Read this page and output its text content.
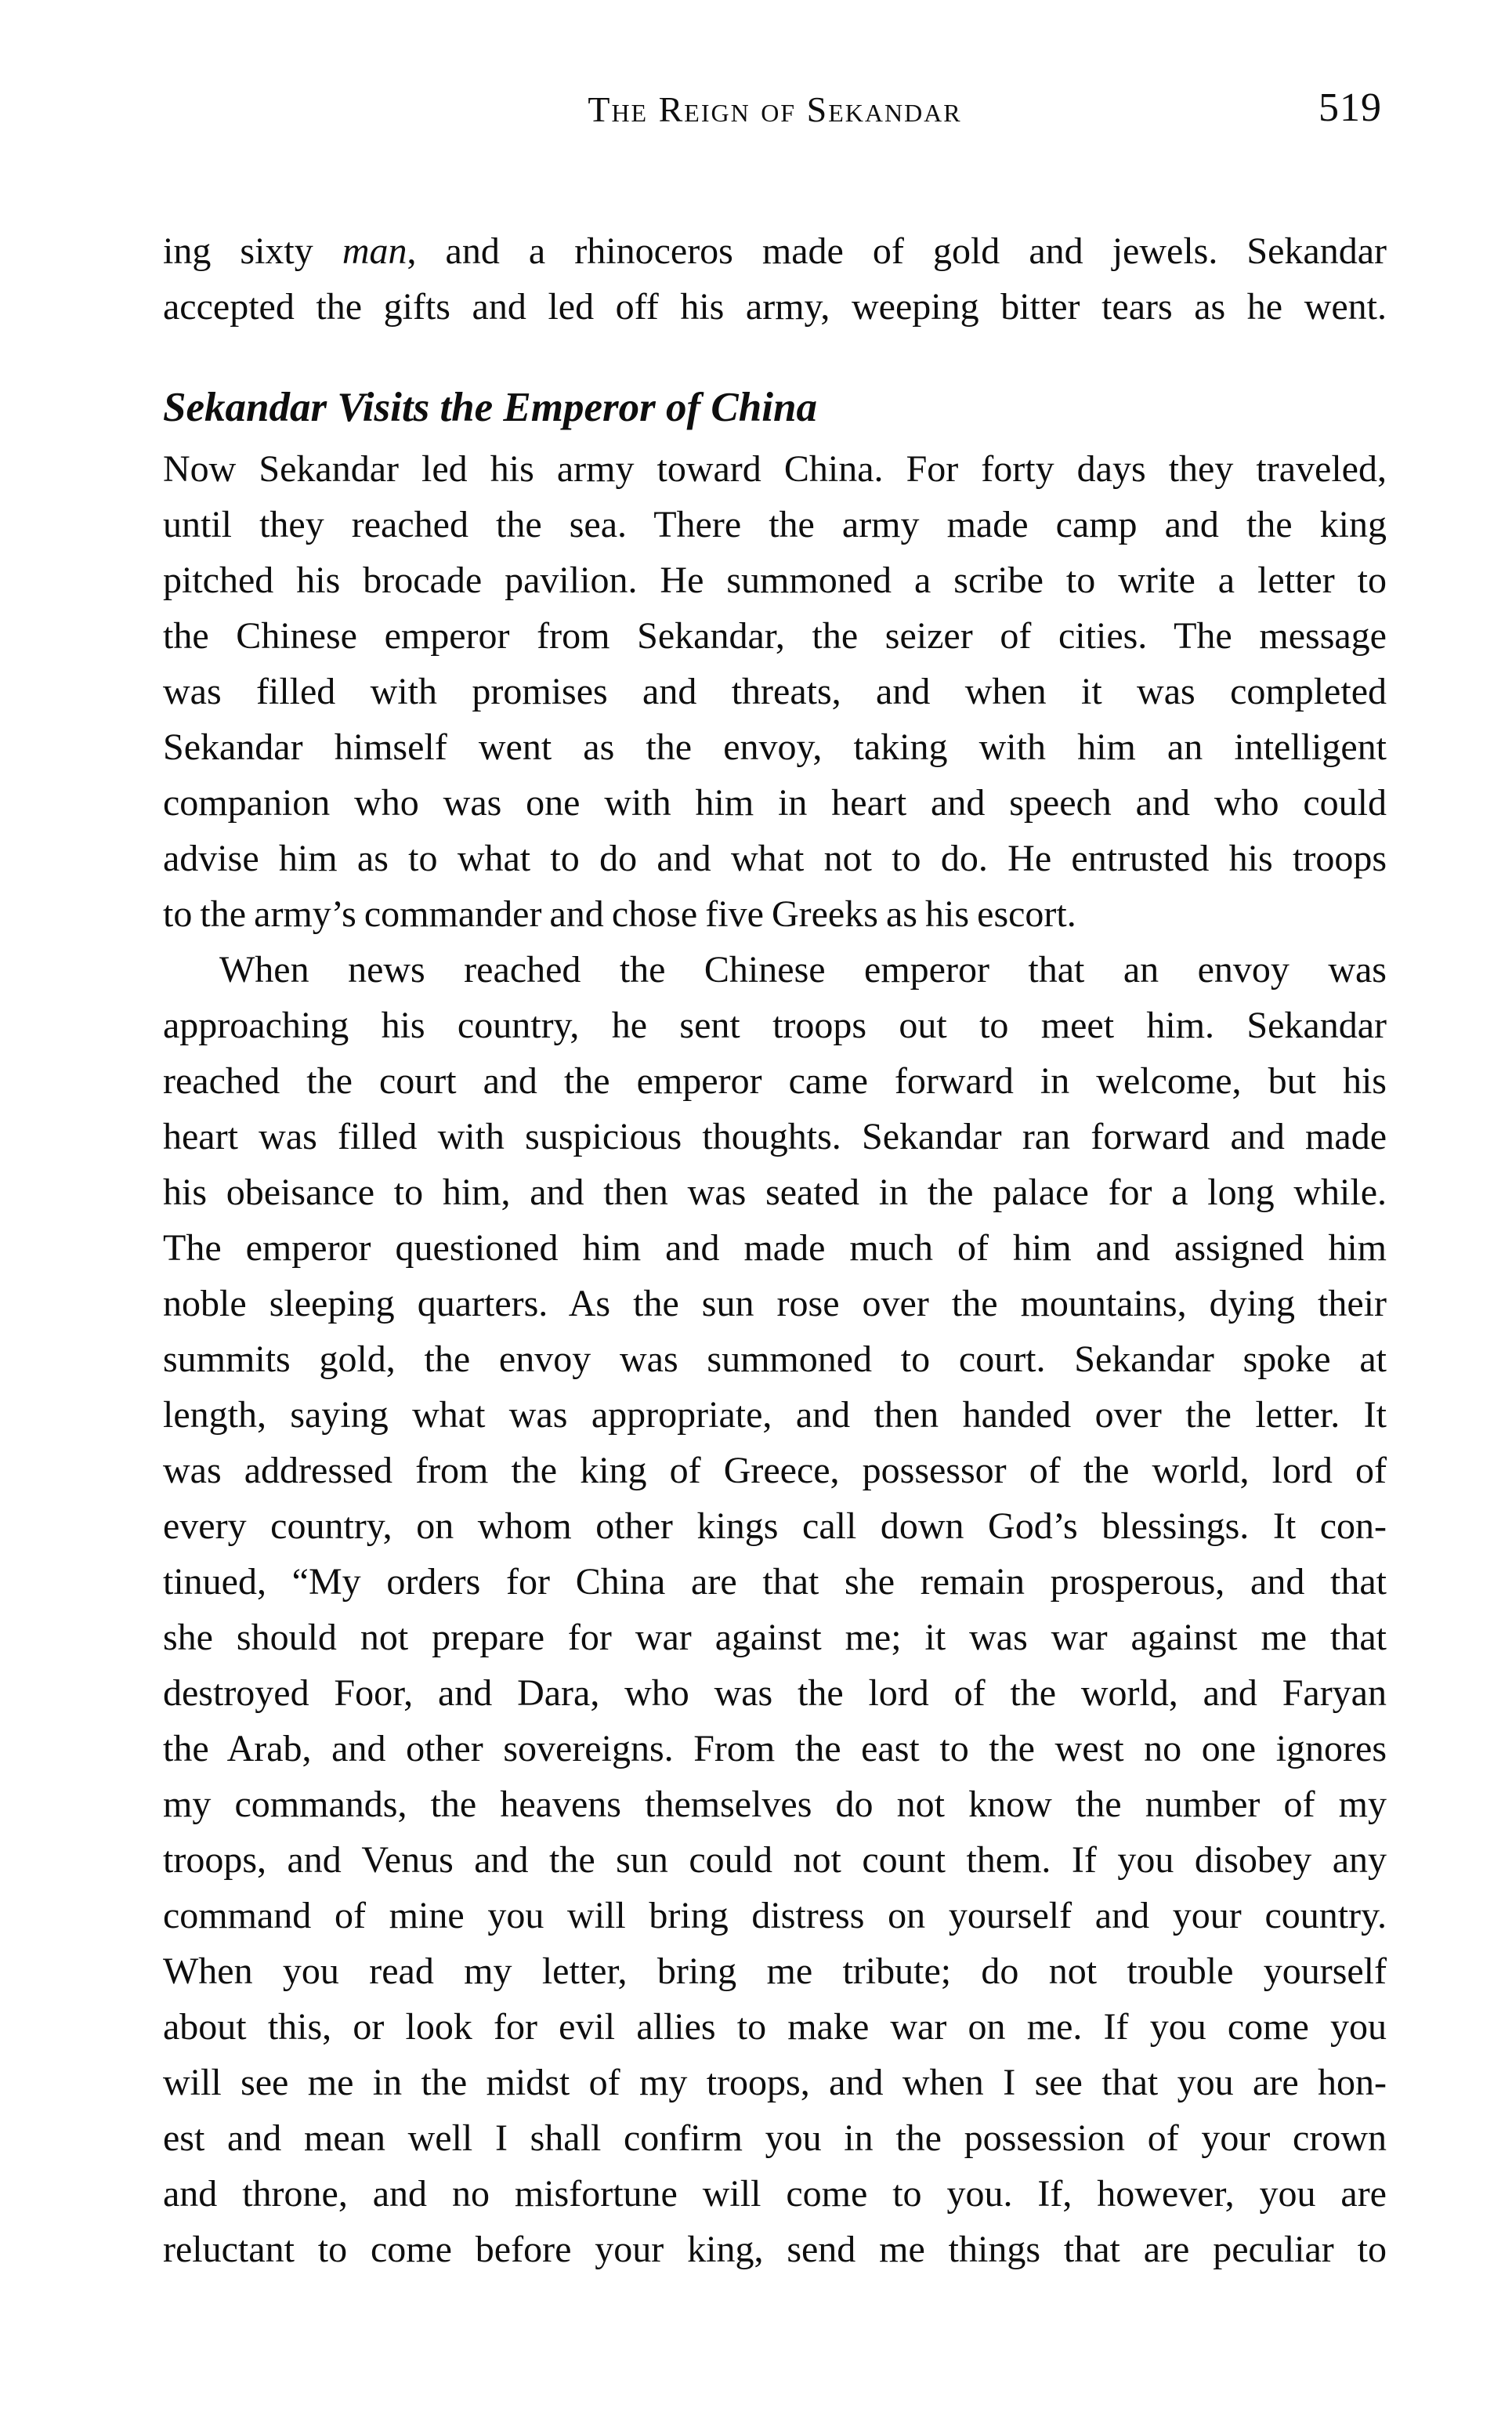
The Reign of Sekandar	519
Sekandar Visits the Emperor of China
ing sixty man, and a rhinoceros made of gold and jewels. Sekandar
accepted the gifts and led off his army, weeping bitter tears as he went.
Now Sekandar led his army toward China. For forty days they traveled,
until they reached the sea. There the army made camp and the king
pitched his brocade pavilion. He summoned a scribe to write a letter to
the Chinese emperor from Sekandar, the seizer of cities. The message
was filled with promises and threats, and when it was completed
Sekandar himself went as the envoy, taking with him an intelligent
companion who was one with him in heart and speech and who could
advise him as to what to do and what not to do. He entrusted his troops
to the army’s commander and chose five Greeks as his escort.
When news reached the Chinese emperor that an envoy was
approaching his country, he sent troops out to meet him. Sekandar
reached the court and the emperor came forward in welcome, but his
heart was filled with suspicious thoughts. Sekandar ran forward and made
his obeisance to him, and then was seated in the palace for a long while.
The emperor questioned him and made much of him and assigned him
noble sleeping quarters. As the sun rose over the mountains, dying their
summits gold, the envoy was summoned to court. Sekandar spoke at
length, saying what was appropriate, and then handed over the letter. It
was addressed from the king of Greece, possessor of the world, lord of
every country, on whom other kings call down God’s blessings. It con-
tinued, “My orders for China are that she remain prosperous, and that
she should not prepare for war against me; it was war against me that
destroyed Foor, and Dara, who was the lord of the world, and Faryan
the Arab, and other sovereigns. From the east to the west no one ignores
my commands, the heavens themselves do not know the number of my
troops, and Venus and the sun could not count them. If you disobey any
command of mine you will bring distress on yourself and your country.
When you read my letter, bring me tribute; do not trouble yourself
about this, or look for evil allies to make war on me. If you come you
will see me in the midst of my troops, and when I see that you are hon-
est and mean well I shall confirm you in the possession of your crown
and throne, and no misfortune will come to you. If, however, you are
reluctant to come before your king, send me things that are peculiar to
